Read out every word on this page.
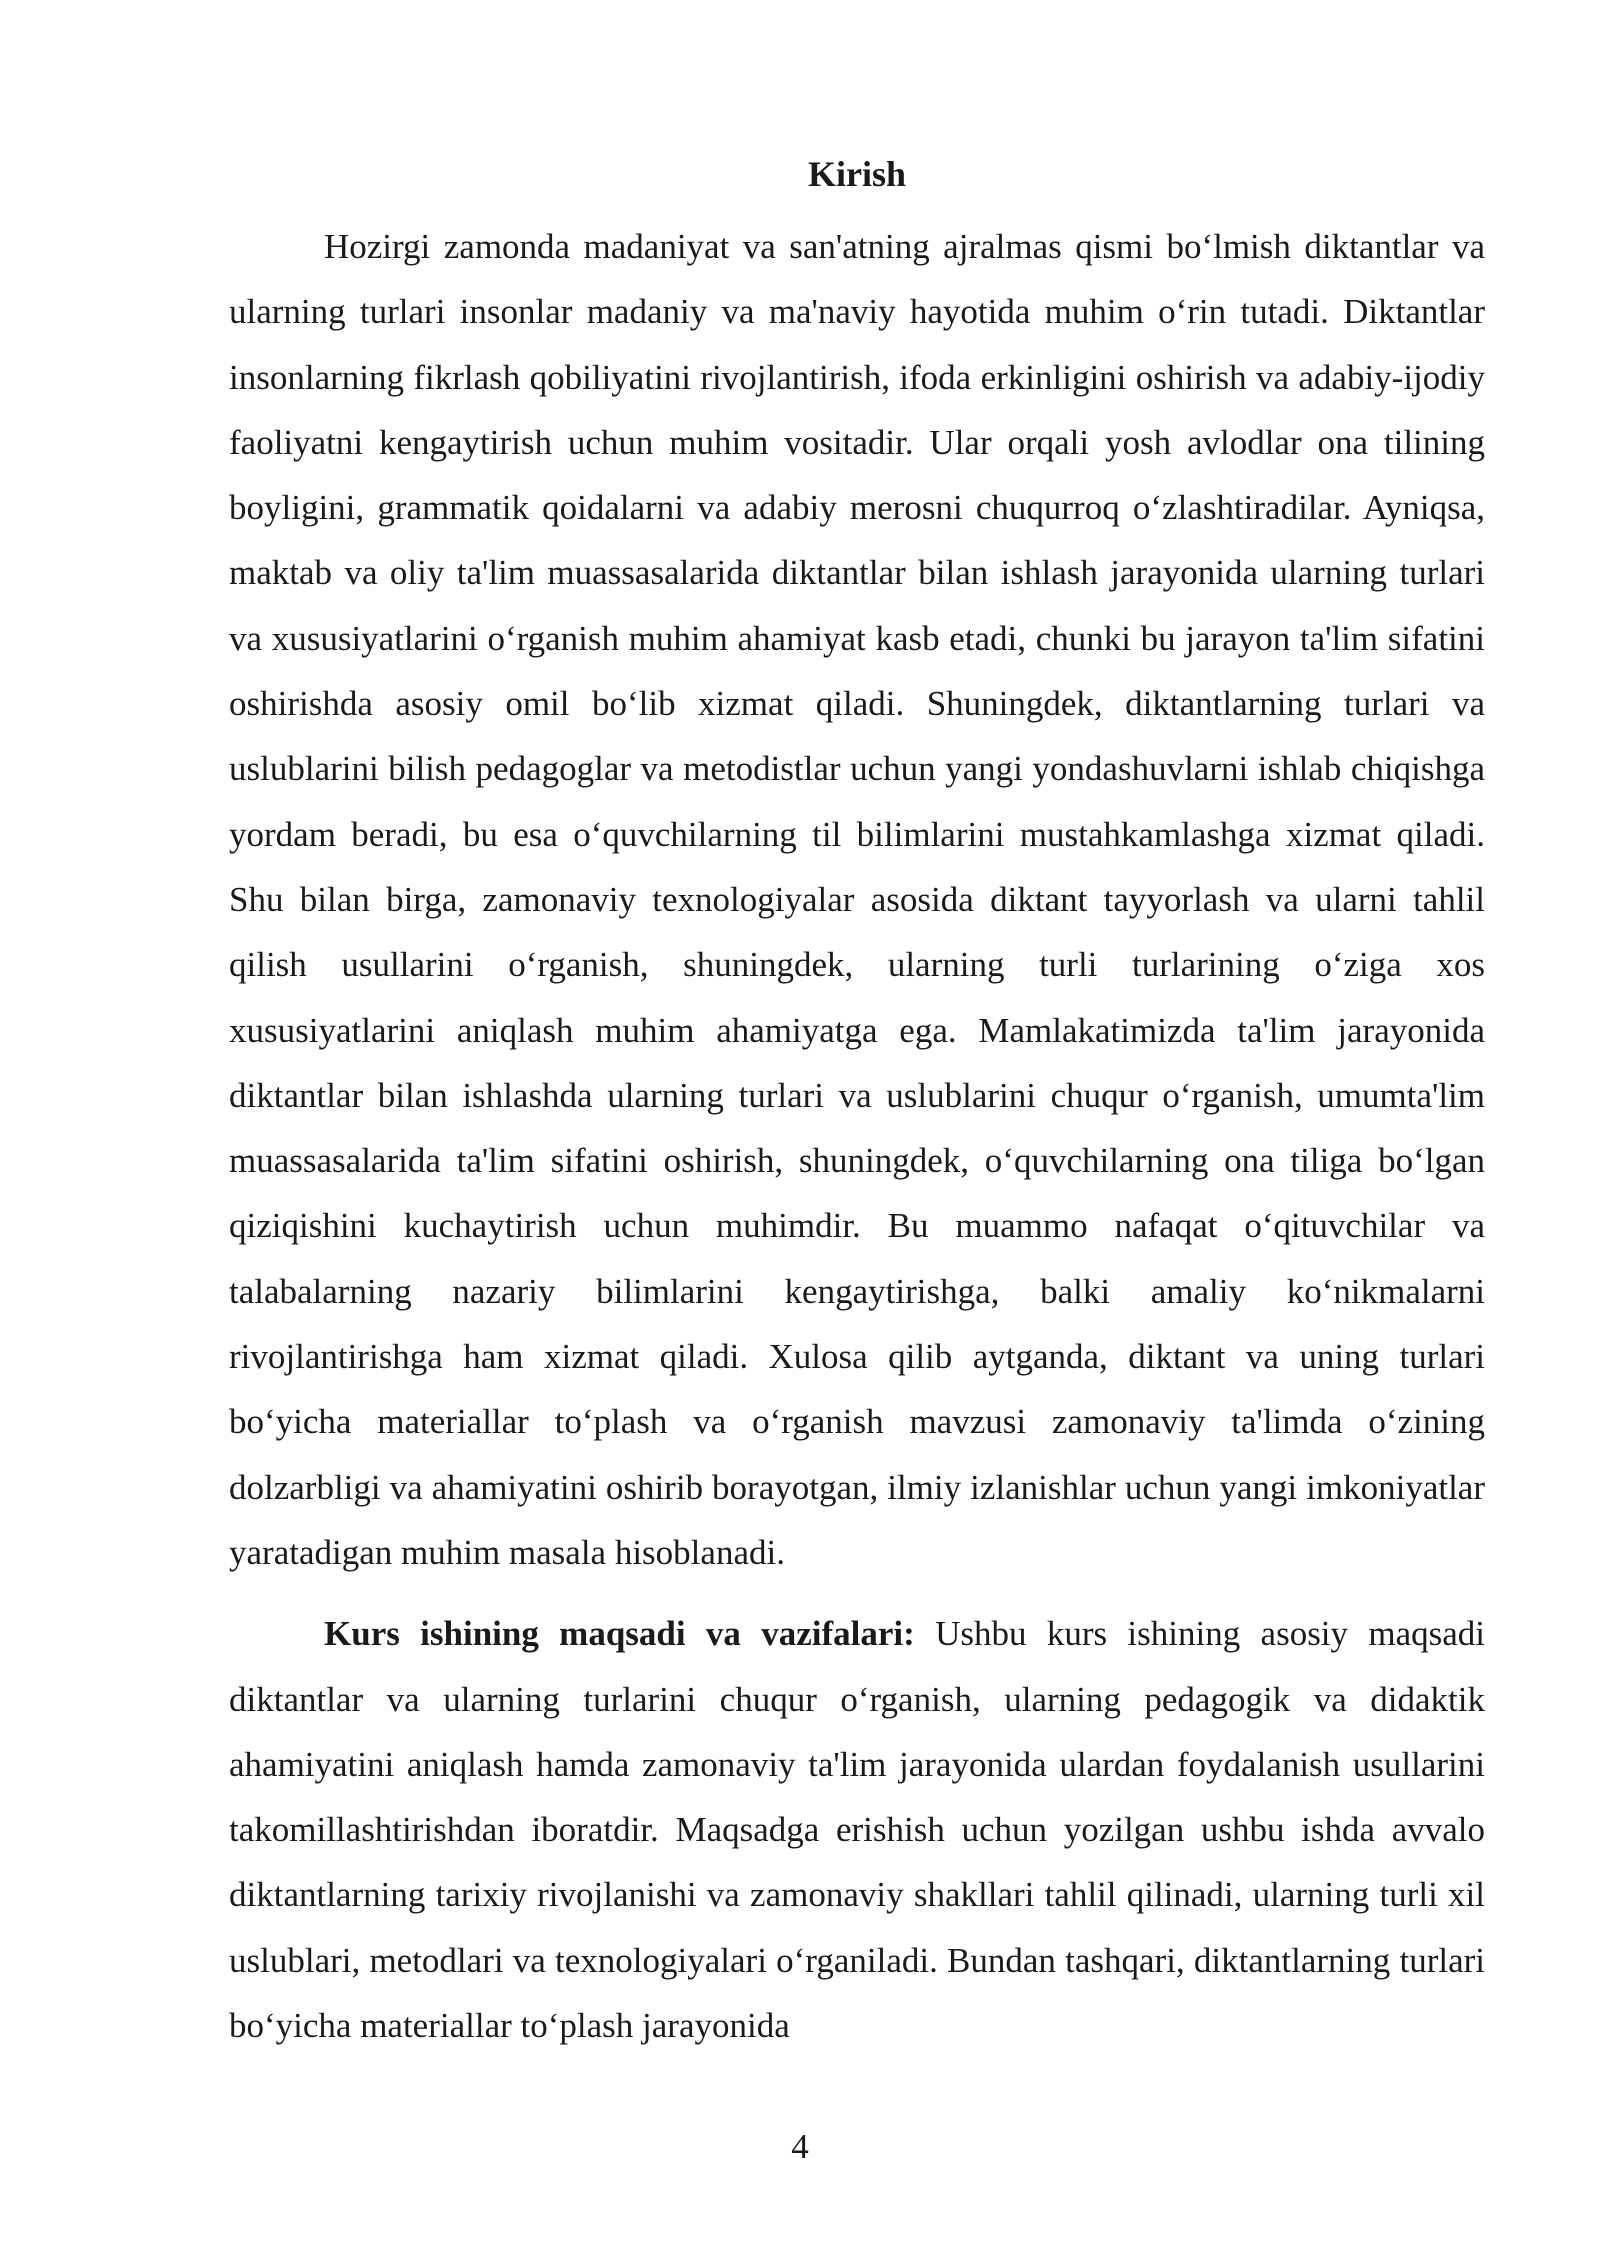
Kirish

Hozirgi zamonda madaniyat va san'atning ajralmas qismi bo‘lmish diktantlar va ularning turlari insonlar madaniy va ma'naviy hayotida muhim o‘rin tutadi. Diktantlar insonlarning fikrlash qobiliyatini rivojlantirish, ifoda erkinligini oshirish va adabiy-ijodiy faoliyatni kengaytirish uchun muhim vositadir. Ular orqali yosh avlodlar ona tilining boyligini, grammatik qoidalarni va adabiy merosni chuqurroq o‘zlashtiradilar. Ayniqsa, maktab va oliy ta'lim muassasalarida diktantlar bilan ishlash jarayonida ularning turlari va xususiyatlarini o‘rganish muhim ahamiyat kasb etadi, chunki bu jarayon ta'lim sifatini oshirishda asosiy omil bo‘lib xizmat qiladi. Shuningdek, diktantlarning turlari va uslublarini bilish pedagoglar va metodistlar uchun yangi yondashuvlarni ishlab chiqishga yordam beradi, bu esa o‘quvchilarning til bilimlarini mustahkamlashga xizmat qiladi. Shu bilan birga, zamonaviy texnologiyalar asosida diktant tayyorlash va ularni tahlil qilish usullarini o‘rganish, shuningdek, ularning turli turlarining o‘ziga xos xususiyatlarini aniqlash muhim ahamiyatga ega. Mamlakatimizda ta'lim jarayonida diktantlar bilan ishlashda ularning turlari va uslublarini chuqur o‘rganish, umumta'lim muassasalarida ta'lim sifatini oshirish, shuningdek, o‘quvchilarning ona tiliga bo‘lgan qiziqishini kuchaytirish uchun muhimdir. Bu muammo nafaqat o‘qituvchilar va talabalarning nazariy bilimlarini kengaytirishga, balki amaliy ko‘nikmalarni rivojlantirishga ham xizmat qiladi. Xulosa qilib aytganda, diktant va uning turlari bo‘yicha materiallar to‘plash va o‘rganish mavzusi zamonaviy ta'limda o‘zining dolzarbligi va ahamiyatini oshirib borayotgan, ilmiy izlanishlar uchun yangi imkoniyatlar yaratadigan muhim masala hisoblanadi.

Kurs ishining maqsadi va vazifalari: Ushbu kurs ishining asosiy maqsadi diktantlar va ularning turlarini chuqur o‘rganish, ularning pedagogik va didaktik ahamiyatini aniqlash hamda zamonaviy ta'lim jarayonida ulardan foydalanish usullarini takomillashtirishdan iboratdir. Maqsadga erishish uchun yozilgan ushbu ishda avvalo diktantlarning tarixiy rivojlanishi va zamonaviy shakllari tahlil qilinadi, ularning turli xil uslublari, metodlari va texnologiyalari o‘rganiladi. Bundan tashqari, diktantlarning turlari bo‘yicha materiallar to‘plash jarayonida

4
